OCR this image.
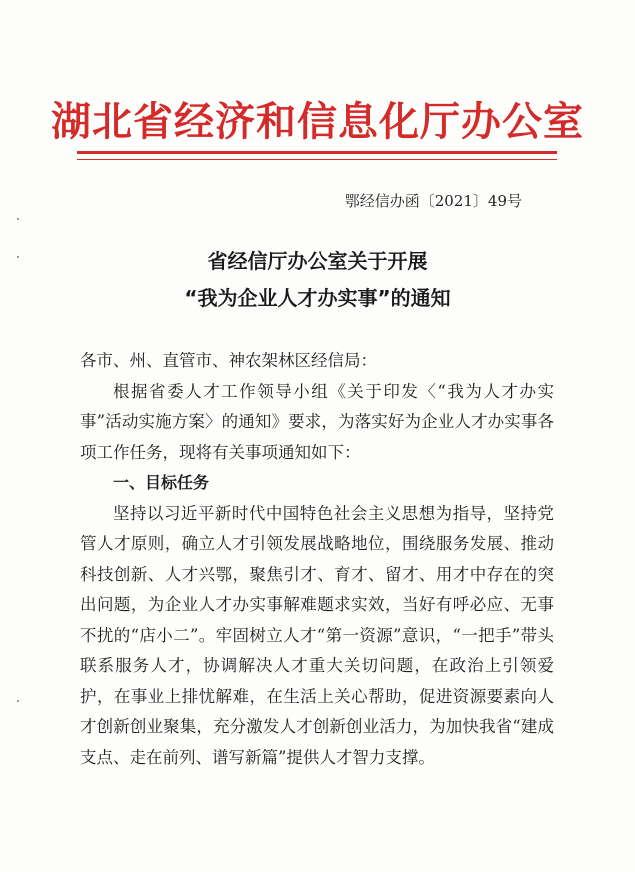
湖北省经济和信息化厅办公室
鄂经信办函〔2021〕49号
省经信厅办公室关于开展
“我为企业人才办实事”的通知

各市、州、直管市、神农架林区经信局：

根据省委人才工作领导小组《关于印发〈“我为人才办实事”活动实施方案〉的通知》要求，为落实好为企业人才办实事各项工作任务，现将有关事项通知如下：

一、目标任务

坚持以习近平新时代中国特色社会主义思想为指导，坚持党管人才原则，确立人才引领发展战略地位，围绕服务发展、推动科技创新、人才兴鄂，聚焦引才、育才、留才、用才中存在的突出问题，为企业人才办实事解难题求实效，当好有呼必应、无事不扰的“店小二”。牢固树立人才“第一资源”意识，“一把手”带头联系服务人才，协调解决人才重大关切问题，在政治上引领爱护，在事业上排忧解难，在生活上关心帮助，促进资源要素向人才创新创业聚集，充分激发人才创新创业活力，为加快我省“建成支点、走在前列、谱写新篇”提供人才智力支撑。
